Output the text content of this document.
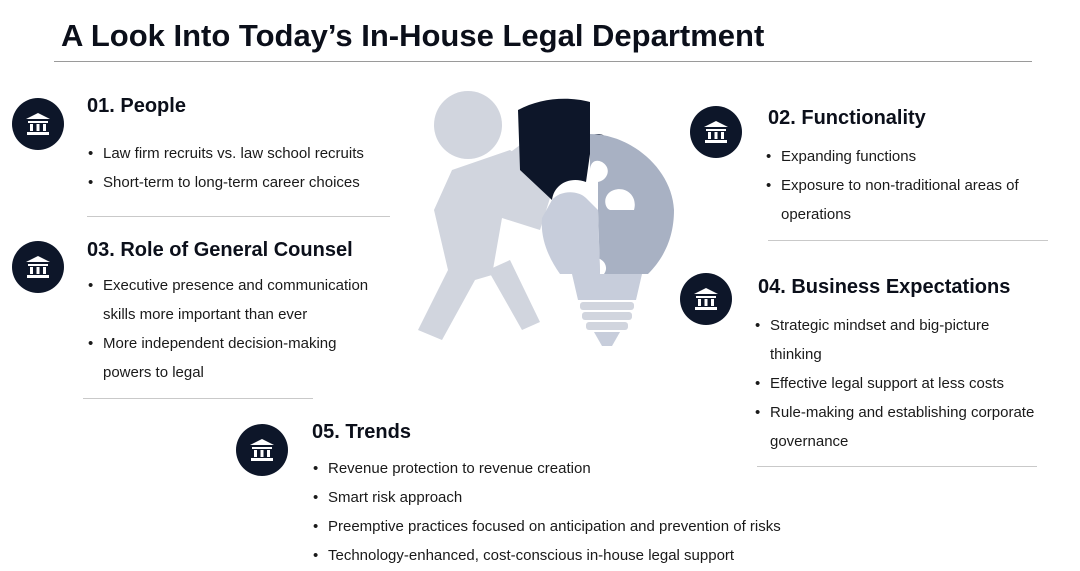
A Look Into Today’s In-House Legal Department
01. People
• Law firm recruits vs. law school recruits
• Short-term to long-term career choices
03. Role of General Counsel
• Executive presence and communication
skills more important than ever
• More independent decision-making
powers to legal
02. Functionality
• Expanding functions
• Exposure to non-traditional areas of
operations
04. Business Expectations
• Strategic mindset and big-picture
thinking
• Effective legal support at less costs
• Rule-making and establishing corporate
governance
05. Trends
• Revenue protection to revenue creation
• Smart risk approach
• Preemptive practices focused on anticipation and prevention of risks
• Technology-enhanced, cost-conscious in-house legal support
